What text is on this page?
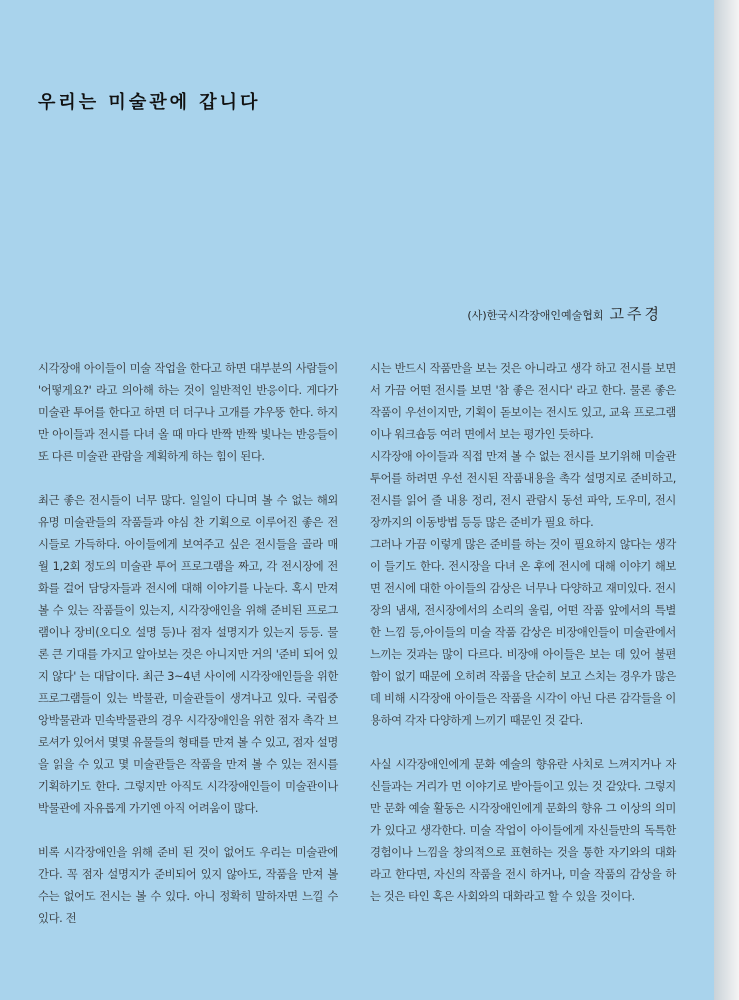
우리는 미술관에 갑니다

(사)한국시각장애인예술협회 고주경

시각장애 아이들이 미술 작업을 한다고 하면 대부분의 사람들이 '어떻게요?' 라고 의아해 하는 것이 일반적인 반응이다. 게다가 미술관 투어를 한다고 하면 더 더구나 고개를 갸우뚱 한다. 하지만 아이들과 전시를 다녀 올 때 마다 반짝 반짝 빛나는 반응들이 또 다른 미술관 관람을 계획하게 하는 힘이 된다.

최근 좋은 전시들이 너무 많다. 일일이 다니며 볼 수 없는 해외 유명 미술관들의 작품들과 야심 찬 기획으로 이루어진 좋은 전시들로 가득하다. 아이들에게 보여주고 싶은 전시들을 골라 매월 1,2회 정도의 미술관 투어 프로그램을 짜고, 각 전시장에 전화를 걸어 담당자들과 전시에 대해 이야기를 나눈다. 혹시 만져 볼 수 있는 작품들이 있는지, 시각장애인을 위해 준비된 프로그램이나 장비(오디오 설명 등)나 점자 설명지가 있는지 등등. 물론 큰 기대를 가지고 알아보는 것은 아니지만 거의 '준비 되어 있지 않다' 는 대답이다. 최근 3~4년 사이에 시각장애인들을 위한 프로그램들이 있는 박물관, 미술관들이 생겨나고 있다. 국립중앙박물관과 민속박물관의 경우 시각장애인을 위한 점자 촉각 브로셔가 있어서 몇몇 유물들의 형태를 만져 볼 수 있고, 점자 설명을 읽을 수 있고 몇 미술관들은 작품을 만져 볼 수 있는 전시를 기획하기도 한다. 그렇지만 아직도 시각장애인들이 미술관이나 박물관에 자유롭게 가기엔 아직 어려움이 많다.

비록 시각장애인을 위해 준비 된 것이 없어도 우리는 미술관에 간다. 꼭 점자 설명지가 준비되어 있지 않아도, 작품을 만져 볼 수는 없어도 전시는 볼 수 있다. 아니 정확히 말하자면 느낄 수 있다. 전

시는 반드시 작품만을 보는 것은 아니라고 생각 하고 전시를 보면서 가끔 어떤 전시를 보면 '참 좋은 전시다' 라고 한다. 물론 좋은 작품이 우선이지만, 기획이 돋보이는 전시도 있고, 교육 프로그램이나 워크숍등 여러 면에서 보는 평가인 듯하다.

시각장애 아이들과 직접 만져 볼 수 없는 전시를 보기위해 미술관 투어를 하려면 우선 전시된 작품내용을 촉각 설명지로 준비하고, 전시를 읽어 줄 내용 정리, 전시 관람시 동선 파악, 도우미, 전시장까지의 이동방법 등등 많은 준비가 필요 하다.

그러나 가끔 이렇게 많은 준비를 하는 것이 필요하지 않다는 생각이 들기도 한다. 전시장을 다녀 온 후에 전시에 대해 이야기 해보면 전시에 대한 아이들의 감상은 너무나 다양하고 재미있다. 전시장의 냄새, 전시장에서의 소리의 울림, 어떤 작품 앞에서의 특별한 느낌 등,아이들의 미술 작품 감상은 비장애인들이 미술관에서 느끼는 것과는 많이 다르다. 비장애 아이들은 보는 데 있어 불편함이 없기 때문에 오히려 작품을 단순히 보고 스치는 경우가 많은데 비해 시각장애 아이들은 작품을 시각이 아닌 다른 감각들을 이용하여 각자 다양하게 느끼기 때문인 것 같다.

사실 시각장애인에게 문화 예술의 향유란 사치로 느껴지거나 자신들과는 거리가 먼 이야기로 받아들이고 있는 것 같았다. 그렇지만 문화 예술 활동은 시각장애인에게 문화의 향유 그 이상의 의미가 있다고 생각한다. 미술 작업이 아이들에게 자신들만의 독특한 경험이나 느낌을 창의적으로 표현하는 것을 통한 자기와의 대화라고 한다면, 자신의 작품을 전시 하거나, 미술 작품의 감상을 하는 것은 타인 혹은 사회와의 대화라고 할 수 있을 것이다.
